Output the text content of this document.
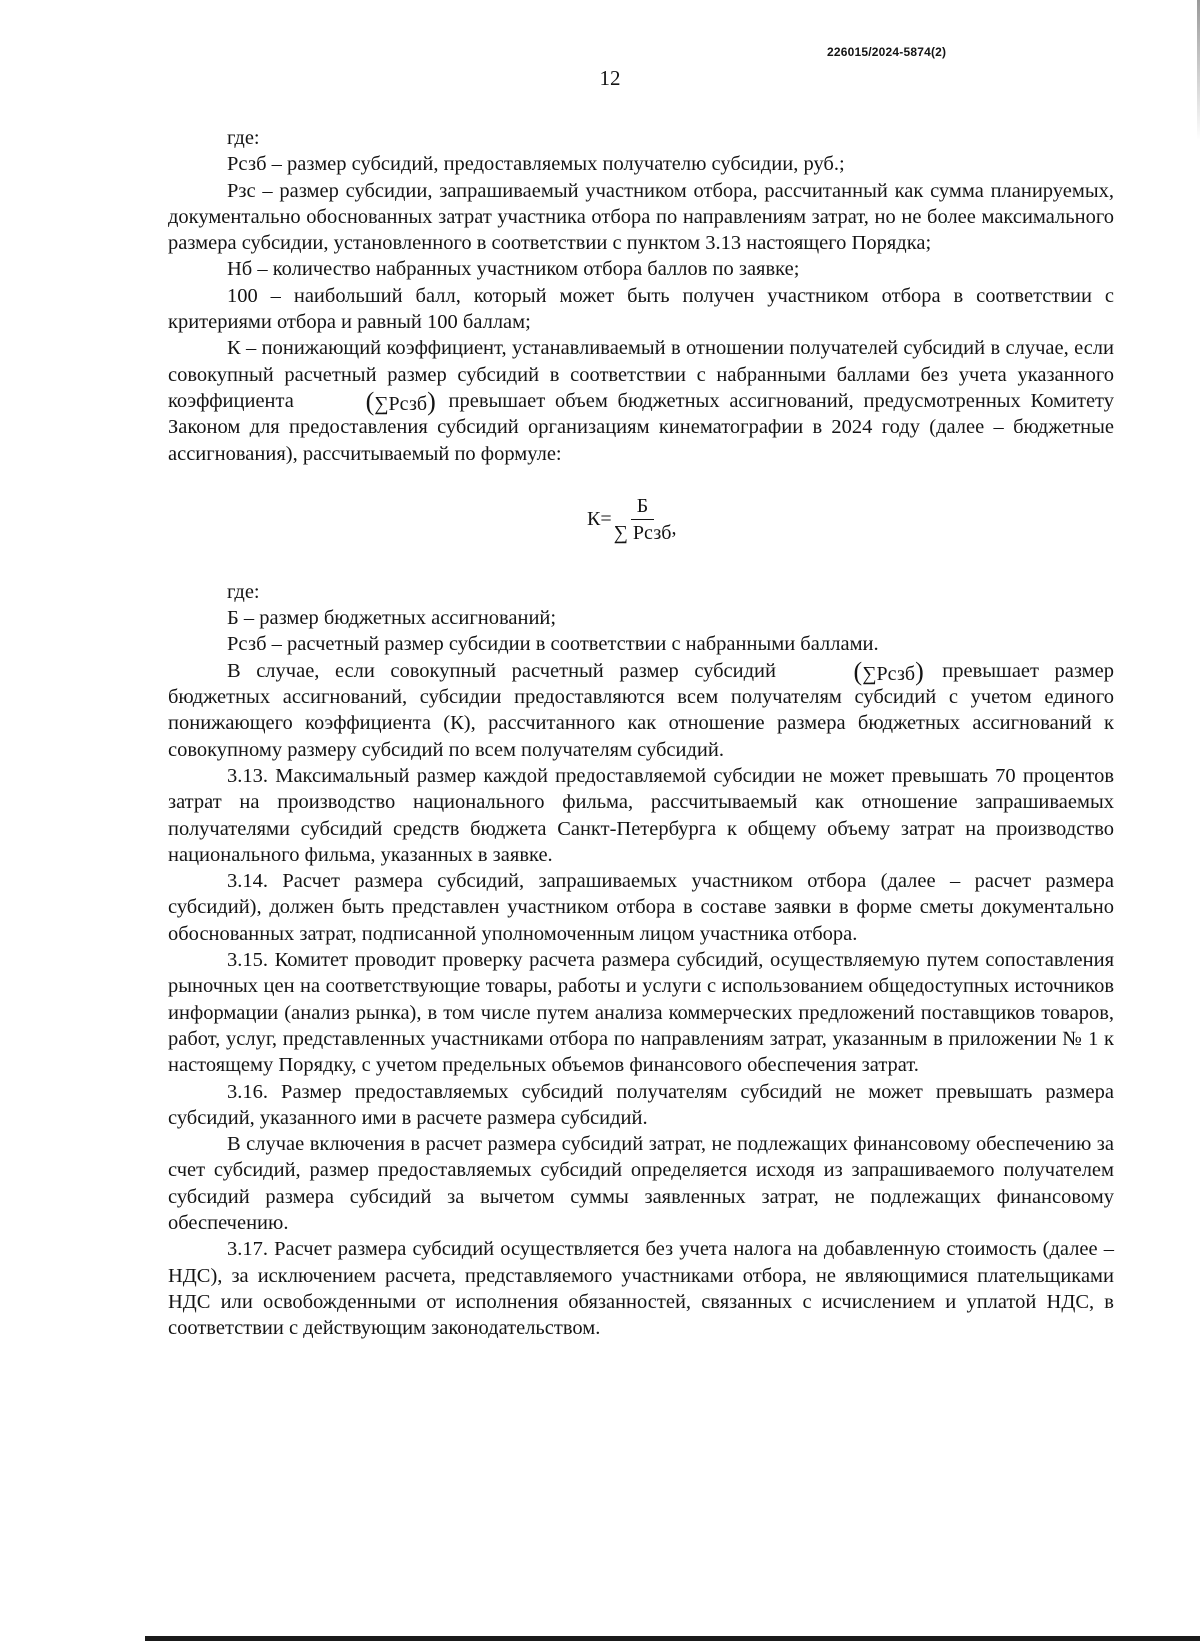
226015/2024-5874(2)
12

где:

Рсзб – размер субсидий, предоставляемых получателю субсидии, руб.;

Рзс – размер субсидии, запрашиваемый участником отбора, рассчитанный как сумма планируемых, документально обоснованных затрат участника отбора по направлениям затрат, но не более максимального размера субсидии, установленного в соответствии с пунктом 3.13 настоящего Порядка;

Нб – количество набранных участником отбора баллов по заявке;

100 – наибольший балл, который может быть получен участником отбора в соответствии с критериями отбора и равный 100 баллам;

К – понижающий коэффициент, устанавливаемый в отношении получателей субсидий в случае, если совокупный расчетный размер субсидий в соответствии с набранными баллами без учета указанного коэффициента	(∑Рсзб) превышает объем бюджетных ассигнований, предусмотренных Комитету Законом для предоставления субсидий организациям кинематографии в 2024 году (далее – бюджетные ассигнования), рассчитываемый по формуле:

$К= \frac{Б}{\text{∑ Рсзб}}$ ,

где:

Б – размер бюджетных ассигнований;

Рсзб – расчетный размер субсидии в соответствии с набранными баллами.

В случае, если совокупный расчетный размер субсидий	(∑Рсзб) превышает размер бюджетных ассигнований, субсидии предоставляются всем получателям субсидий с учетом единого понижающего коэффициента (К), рассчитанного как отношение размера бюджетных ассигнований к совокупному размеру субсидий по всем получателям субсидий.

3.13. Максимальный размер каждой предоставляемой субсидии не может превышать 70 процентов затрат на производство национального фильма, рассчитываемый как отношение запрашиваемых получателями субсидий средств бюджета Санкт-Петербурга к общему объему затрат на производство национального фильма, указанных в заявке.

3.14. Расчет размера субсидий, запрашиваемых участником отбора (далее – расчет размера субсидий), должен быть представлен участником отбора в составе заявки в форме сметы документально обоснованных затрат, подписанной уполномоченным лицом участника отбора.

3.15. Комитет проводит проверку расчета размера субсидий, осуществляемую путем сопоставления рыночных цен на соответствующие товары, работы и услуги с использованием общедоступных источников информации (анализ рынка), в том числе путем анализа коммерческих предложений поставщиков товаров, работ, услуг, представленных участниками отбора по направлениям затрат, указанным в приложении № 1 к настоящему Порядку, с учетом предельных объемов финансового обеспечения затрат.

3.16. Размер предоставляемых субсидий получателям субсидий не может превышать размера субсидий, указанного ими в расчете размера субсидий.

В случае включения в расчет размера субсидий затрат, не подлежащих финансовому обеспечению за счет субсидий, размер предоставляемых субсидий определяется исходя из запрашиваемого получателем субсидий размера субсидий за вычетом суммы заявленных затрат, не подлежащих финансовому обеспечению.

3.17. Расчет размера субсидий осуществляется без учета налога на добавленную стоимость (далее – НДС), за исключением расчета, представляемого участниками отбора, не являющимися плательщиками НДС или освобожденными от исполнения обязанностей, связанных с исчислением и уплатой НДС, в соответствии с действующим законодательством.
